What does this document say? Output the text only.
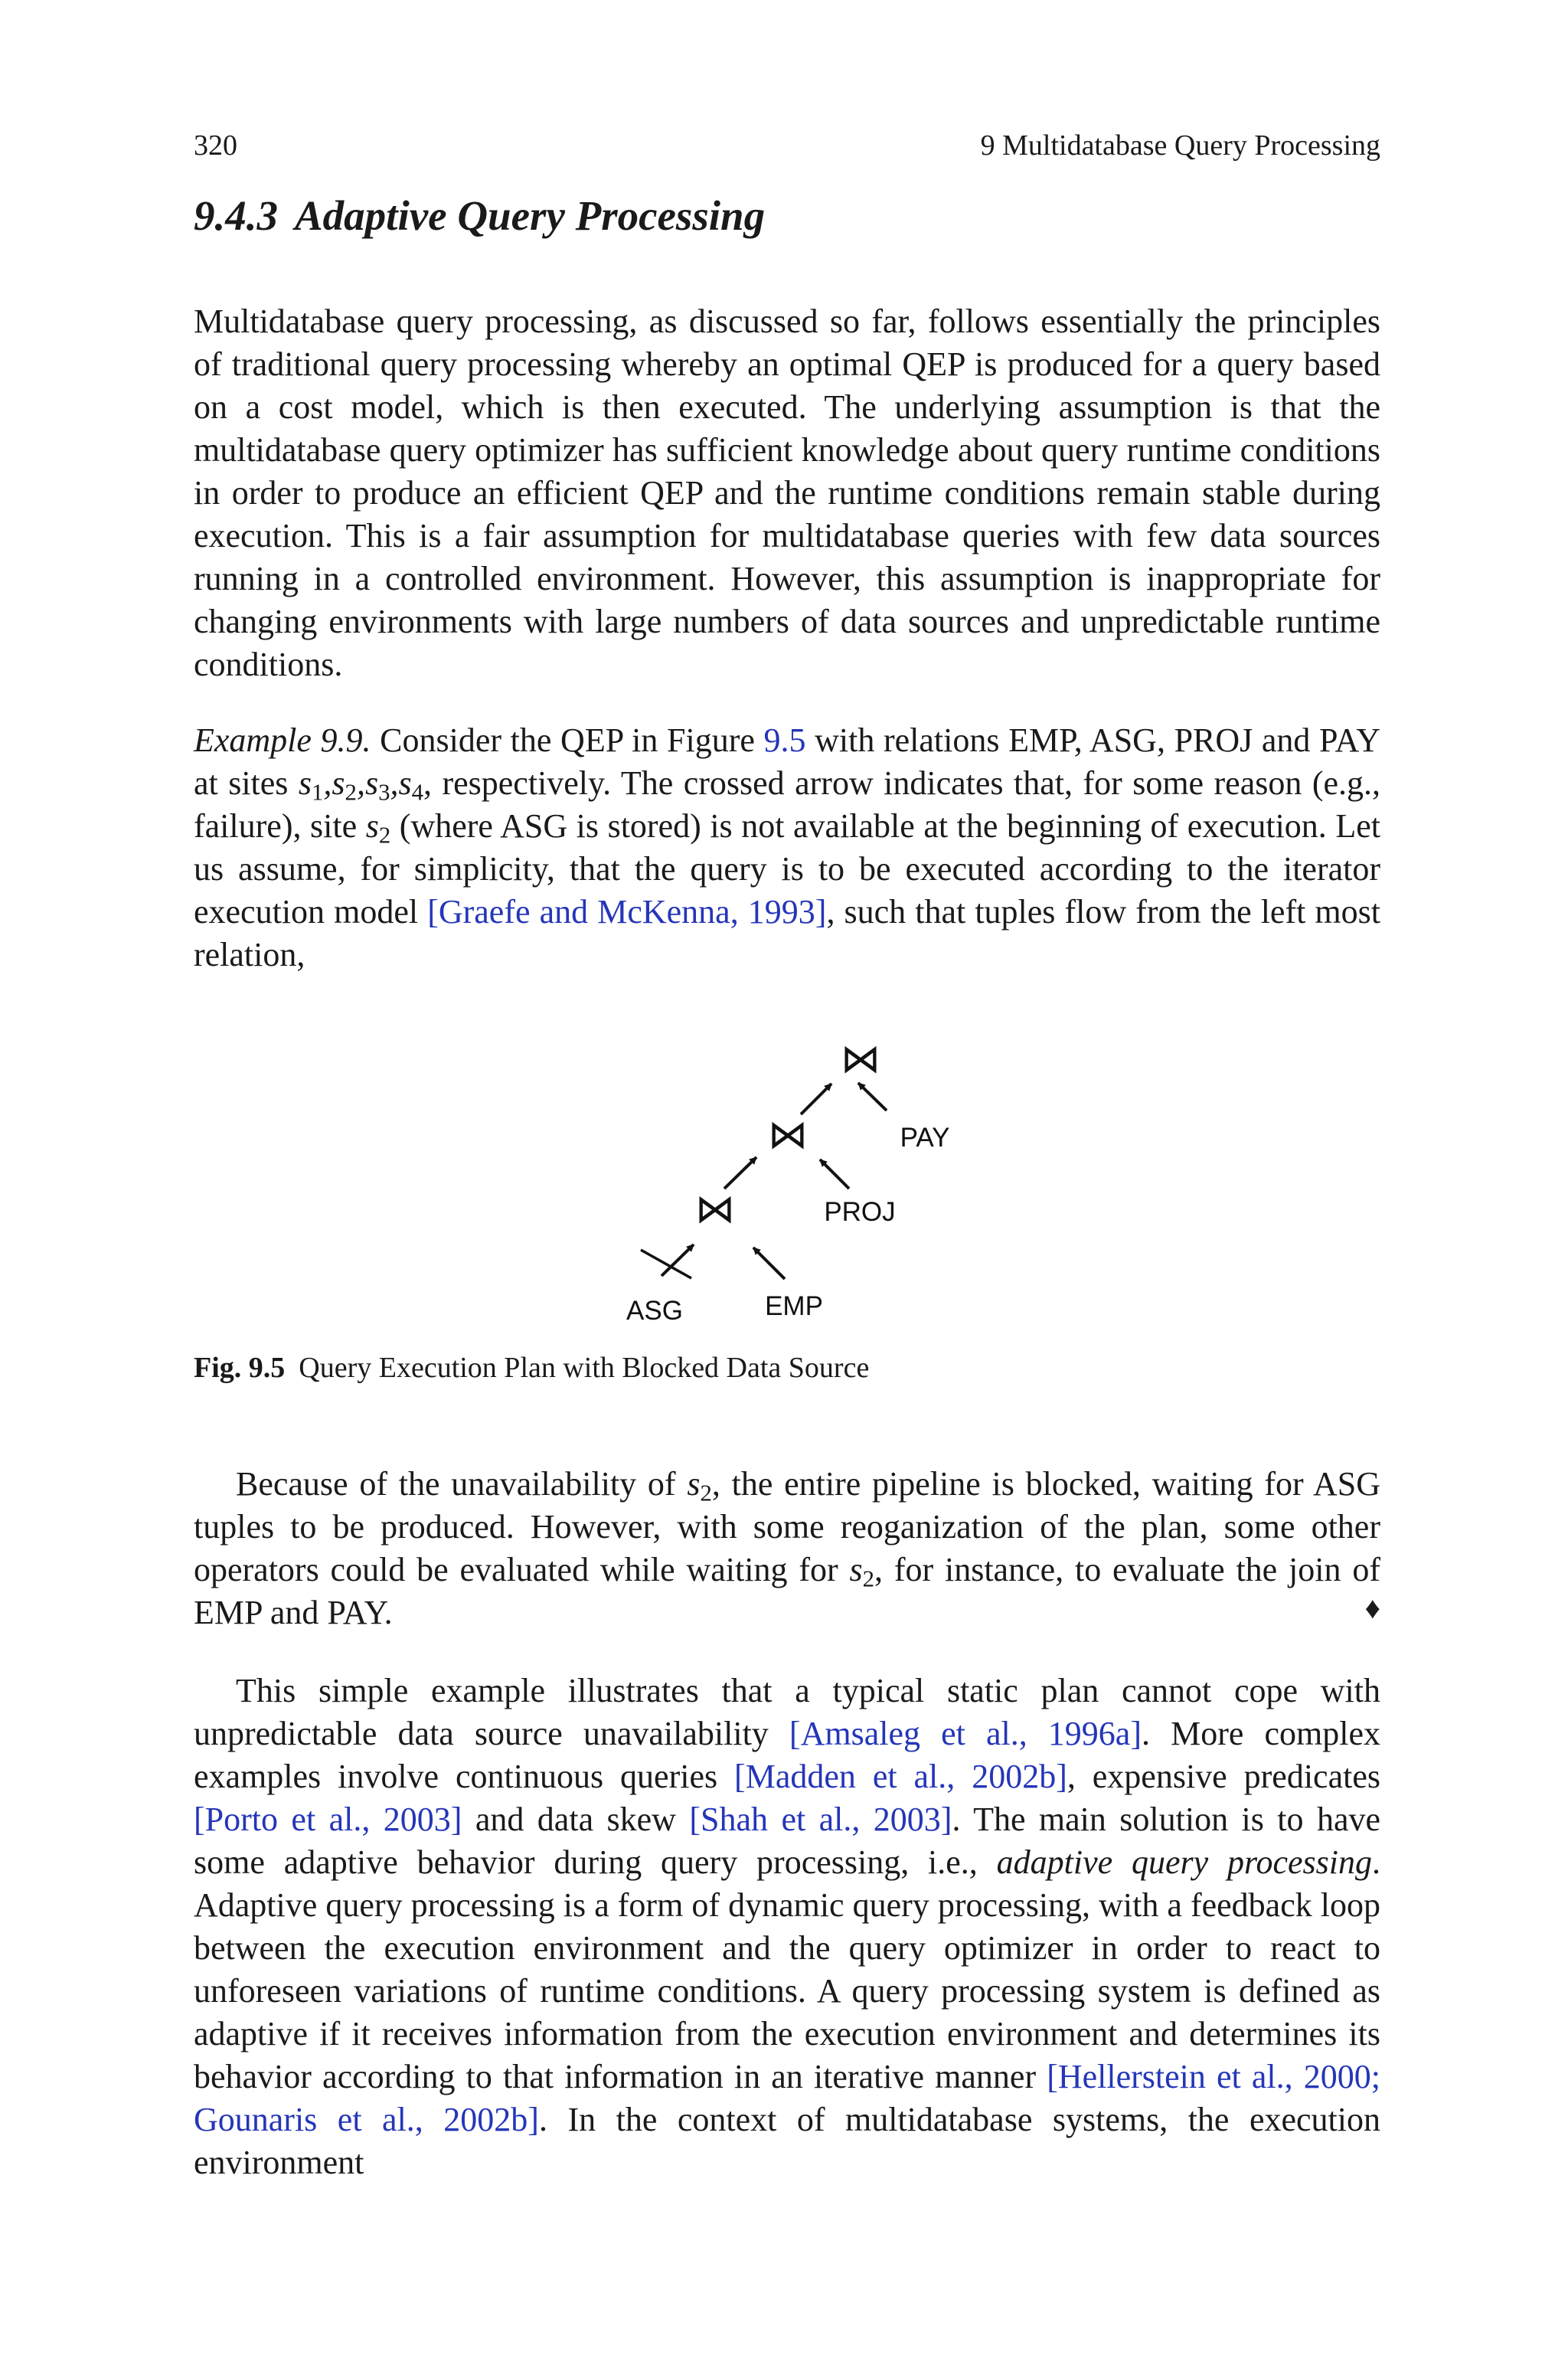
320	9 Multidatabase Query Processing
9.4.3 Adaptive Query Processing

Multidatabase query processing, as discussed so far, follows essentially the principles of traditional query processing whereby an optimal QEP is produced for a query based on a cost model, which is then executed. The underlying assumption is that the multidatabase query optimizer has sufficient knowledge about query runtime conditions in order to produce an efficient QEP and the runtime conditions remain stable during execution. This is a fair assumption for multidatabase queries with few data sources running in a controlled environment. However, this assumption is inappropriate for changing environments with large numbers of data sources and unpredictable runtime conditions.

Example 9.9. Consider the QEP in Figure 9.5 with relations EMP, ASG, PROJ and PAY at sites $s_1,s_2,s_3,s_4$, respectively. The crossed arrow indicates that, for some reason (e.g., failure), site $s_2$ (where ASG is stored) is not available at the beginning of execution. Let us assume, for simplicity, that the query is to be executed according to the iterator execution model [Graefe and McKenna, 1993], such that tuples flow from the left most relation,

⋈
⋈
⋈
PAY
PROJ
ASG	EMP
Fig. 9.5 Query Execution Plan with Blocked Data Source

Because of the unavailability of $s_2$, the entire pipeline is blocked, waiting for ASG tuples to be produced. However, with some reoganization of the plan, some other operators could be evaluated while waiting for $s_2$, for instance, to evaluate the join of EMP and PAY.	♦

This simple example illustrates that a typical static plan cannot cope with unpredictable data source unavailability [Amsaleg et al., 1996a]. More complex examples involve continuous queries [Madden et al., 2002b], expensive predicates [Porto et al., 2003] and data skew [Shah et al., 2003]. The main solution is to have some adaptive behavior during query processing, i.e., adaptive query processing. Adaptive query processing is a form of dynamic query processing, with a feedback loop between the execution environment and the query optimizer in order to react to unforeseen variations of runtime conditions. A query processing system is defined as adaptive if it receives information from the execution environment and determines its behavior according to that information in an iterative manner [Hellerstein et al., 2000; Gounaris et al., 2002b]. In the context of multidatabase systems, the execution environment
